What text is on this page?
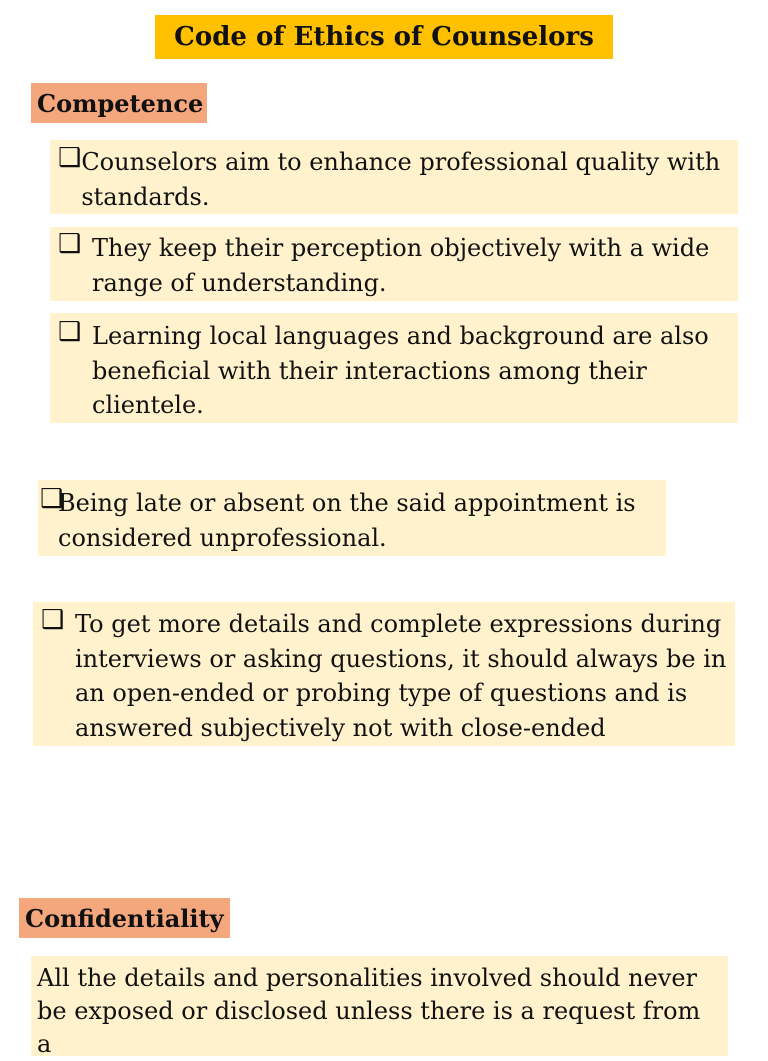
Code of Ethics of Counselors
Competence
❑ Counselors aim to enhance professional quality with standards.
❑ They keep their perception objectively with a wide range of understanding.
❑ Learning local languages and background are also beneficial with their interactions among their clientele.
❑
Being late or absent on the said appointment is considered unprofessional.
❑ To get more details and complete expressions during interviews or asking questions, it should always be in an open-ended or probing type of questions and is answered subjectively not with close-ended
Confidentiality
All the details and personalities involved should never be exposed or disclosed unless there is a request from a
